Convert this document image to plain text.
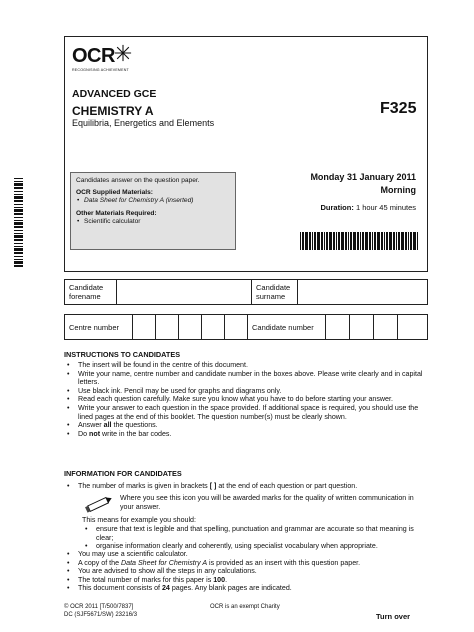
OCR
RECOGNISING ACHIEVEMENT
ADVANCED GCE
CHEMISTRY A
Equilibria, Energetics and Elements
F325
Candidates answer on the question paper.
OCR Supplied Materials:
• Data Sheet for Chemistry A (inserted)
Other Materials Required:
• Scientific calculator
Monday 31 January 2011
Morning
Duration: 1 hour 45 minutes
Candidate forename
Candidate surname
Centre number	Candidate number
INSTRUCTIONS TO CANDIDATES
• The insert will be found in the centre of this document.
• Write your name, centre number and candidate number in the boxes above. Please write clearly and in capital letters.
• Use black ink. Pencil may be used for graphs and diagrams only.
• Read each question carefully. Make sure you know what you have to do before starting your answer.
• Write your answer to each question in the space provided. If additional space is required, you should use the lined pages at the end of this booklet. The question number(s) must be clearly shown.
• Answer all the questions.
• Do not write in the bar codes.
INFORMATION FOR CANDIDATES
• The number of marks is given in brackets [ ] at the end of each question or part question.
Where you see this icon you will be awarded marks for the quality of written communication in your answer.
This means for example you should:
• ensure that text is legible and that spelling, punctuation and grammar are accurate so that meaning is clear;
• organise information clearly and coherently, using specialist vocabulary when appropriate.
• You may use a scientific calculator.
• A copy of the Data Sheet for Chemistry A is provided as an insert with this question paper.
• You are advised to show all the steps in any calculations.
• The total number of marks for this paper is 100.
• This document consists of 24 pages. Any blank pages are indicated.
© OCR 2011 [T/500/7837]
DC (SJF5671/SW) 23216/3
OCR is an exempt Charity
Turn over
